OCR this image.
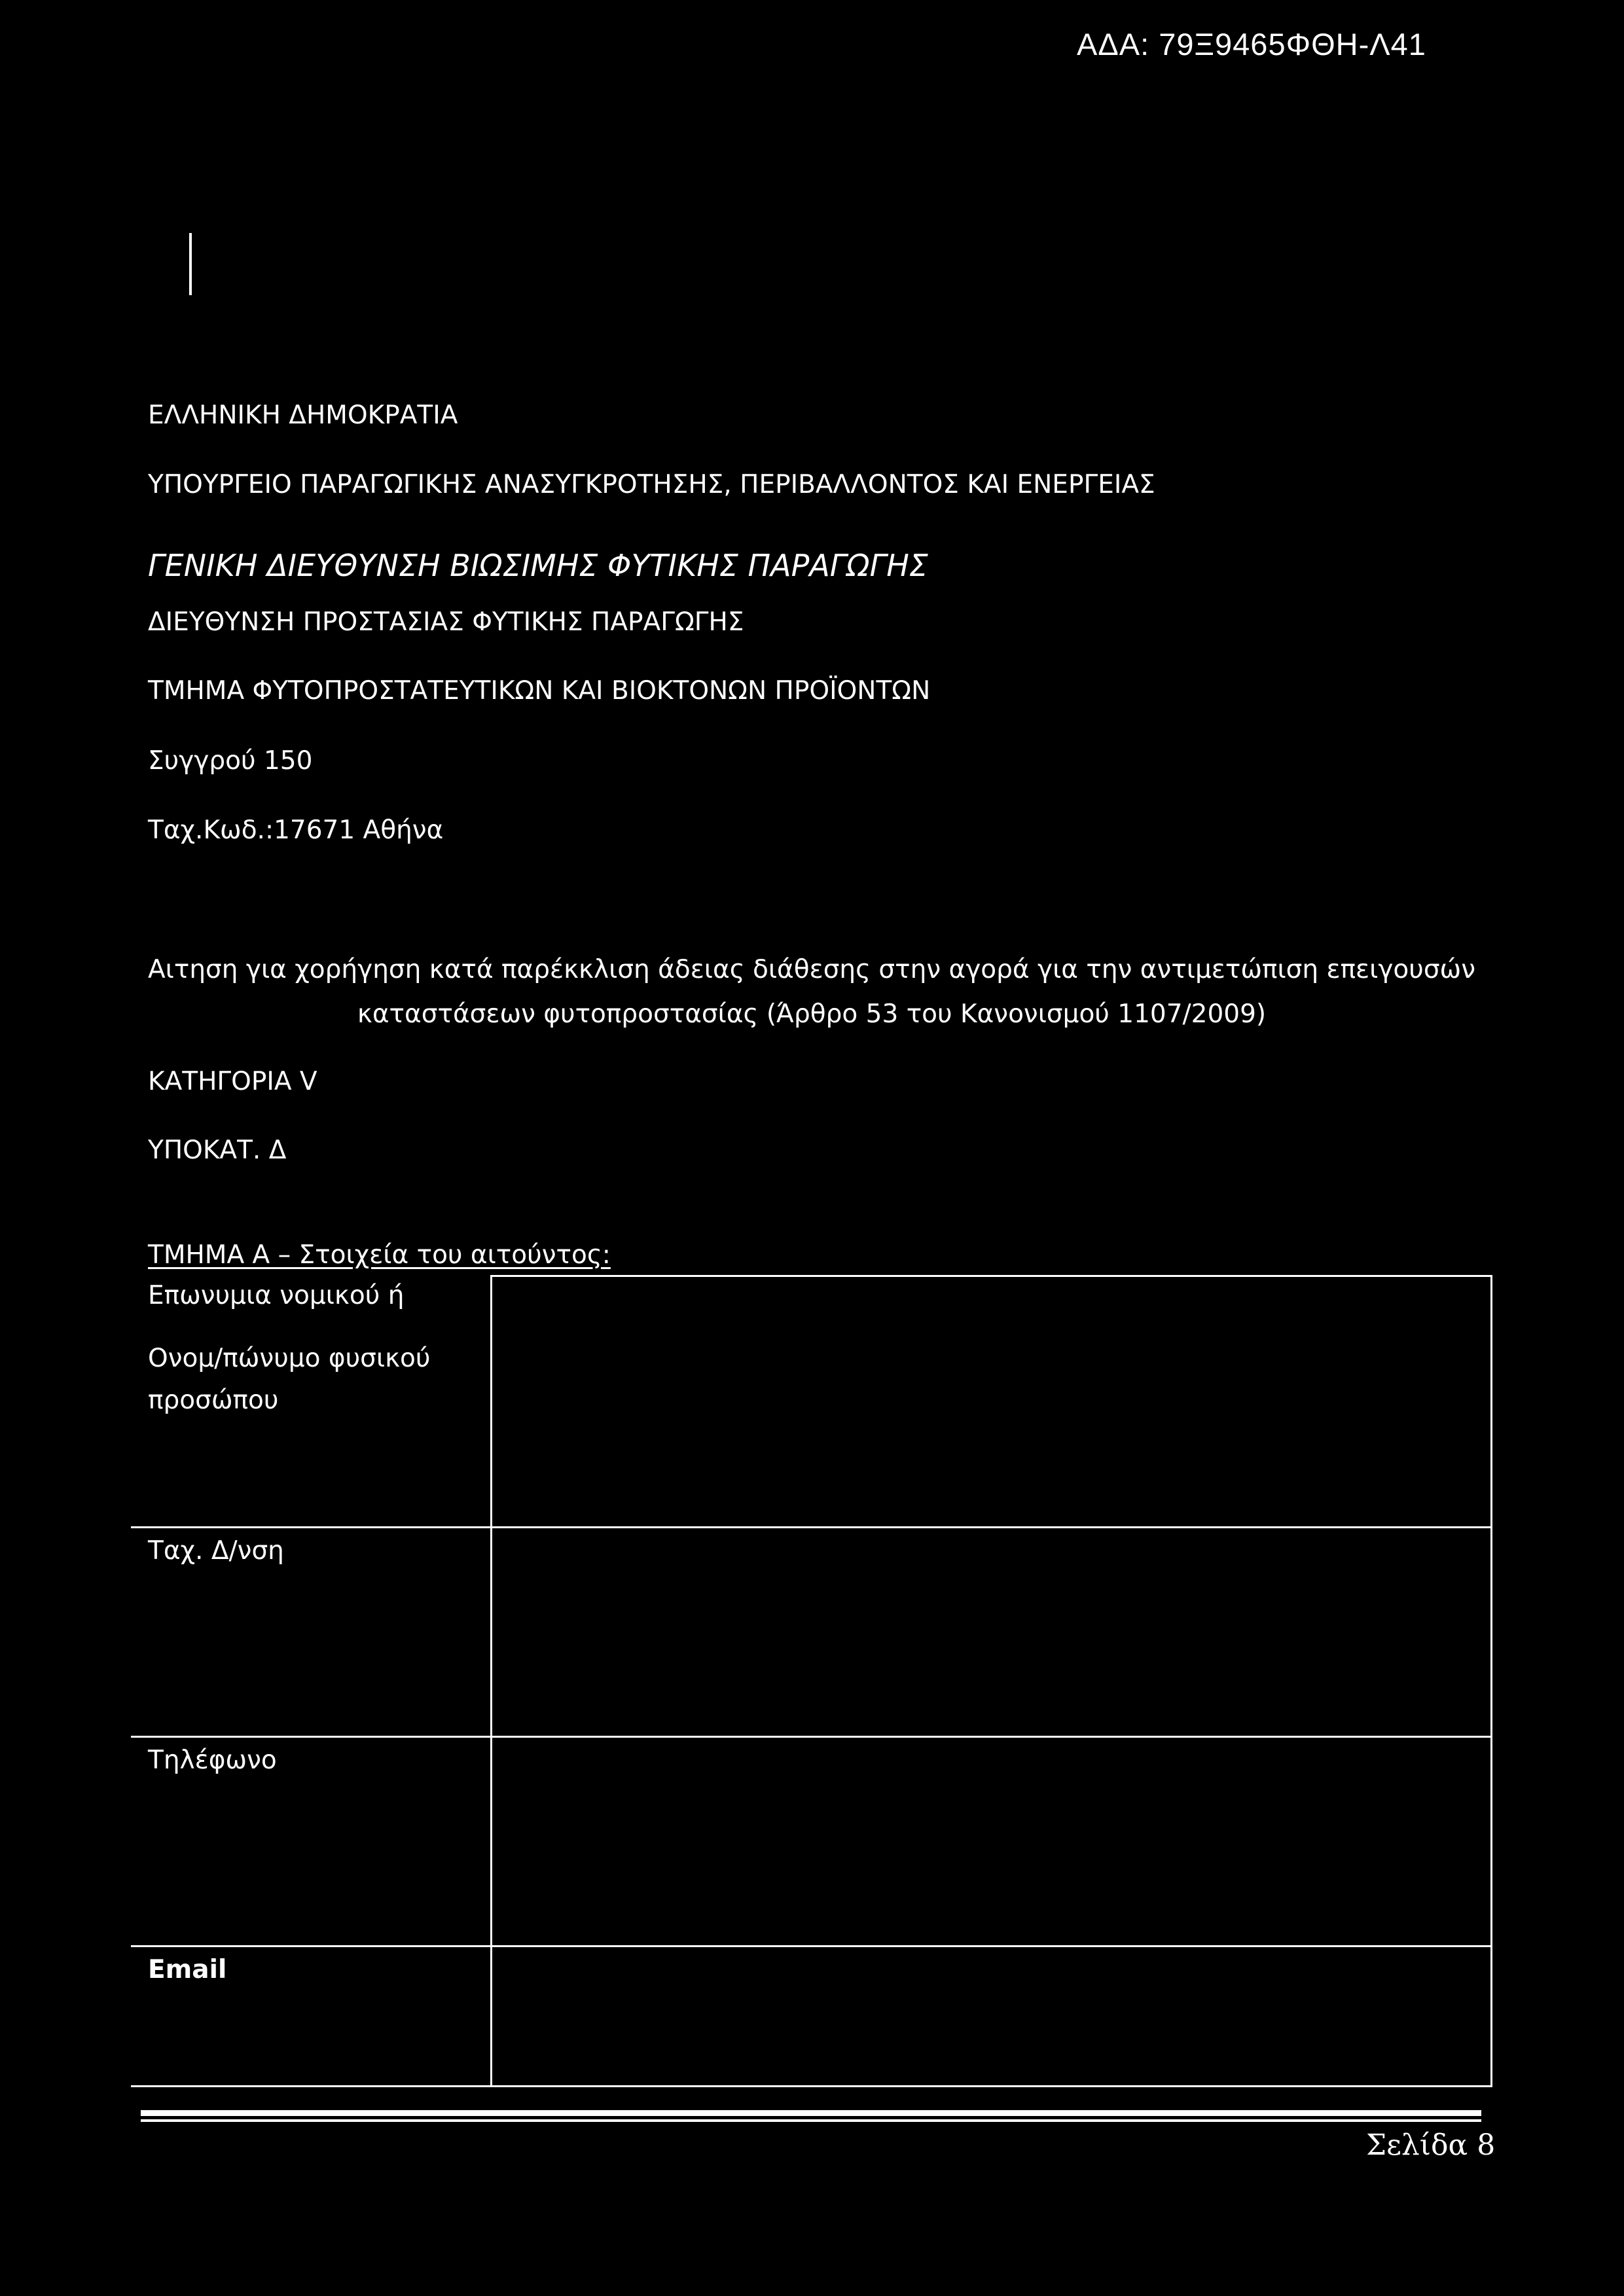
ΑΔΑ: 79Ξ9465ΦΘΗ-Λ41
ΕΛΛΗΝΙΚΗ ΔΗΜΟΚΡΑΤΙΑ
ΥΠΟΥΡΓΕΙΟ ΠΑΡΑΓΩΓΙΚΗΣ ΑΝΑΣΥΓΚΡΟΤΗΣΗΣ, ΠΕΡΙΒΑΛΛΟΝΤΟΣ ΚΑΙ ΕΝΕΡΓΕΙΑΣ
ΓΕΝΙΚΗ ΔΙΕΥΘΥΝΣΗ ΒΙΩΣΙΜΗΣ ΦΥΤΙΚΗΣ ΠΑΡΑΓΩΓΗΣ
ΔΙΕΥΘΥΝΣΗ ΠΡΟΣΤΑΣΙΑΣ ΦΥΤΙΚΗΣ ΠΑΡΑΓΩΓΗΣ
ΤΜΗΜΑ ΦΥΤΟΠΡΟΣΤΑΤΕΥΤΙΚΩΝ ΚΑΙ ΒΙΟΚΤΟΝΩΝ ΠΡΟΪΟΝΤΩΝ
Συγγρού 150
Ταχ.Κωδ.:17671 Αθήνα
Αιτηση για χορήγηση κατά παρέκκλιση άδειας διάθεσης στην αγορά για την αντιμετώπιση επειγουσών
καταστάσεων φυτοπροστασίας (Άρθρο 53 του Κανονισμού 1107/2009)
ΚΑΤΗΓΟΡΙΑ V
ΥΠΟΚΑΤ. Δ
ΤΜΗΜΑ Α – Στοιχεία του αιτούντος:
Επωνυμια νομικού ή
Ονομ/πώνυμο φυσικού
προσώπου
Ταχ. Δ/νση
Τηλέφωνο
Email
Σελίδα 8
